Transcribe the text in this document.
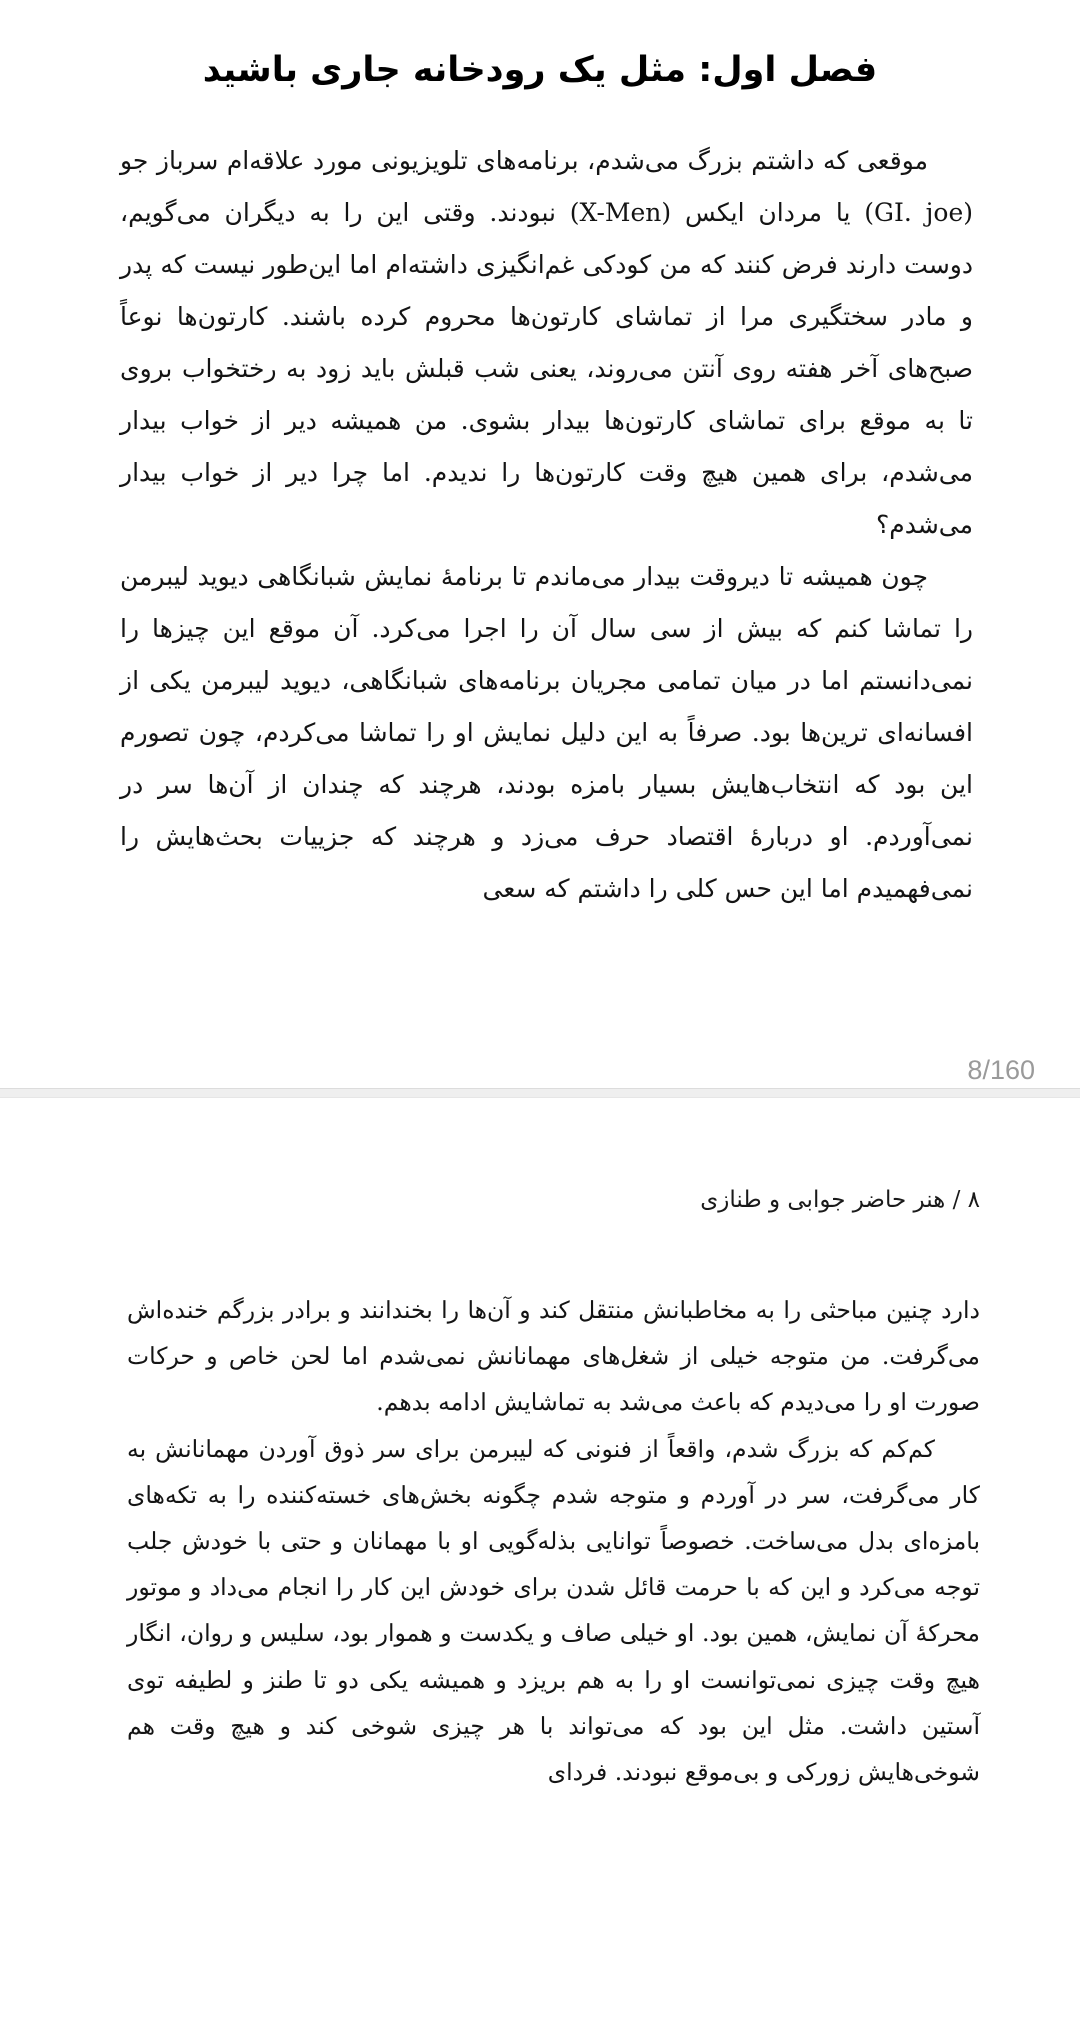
فصل اول: مثل یک رودخانه جاری باشید

موقعی که داشتم بزرگ می‌شدم، برنامه‌های تلویزیونی مورد علاقه‌ام سرباز جو (GI. joe) یا مردان ایکس (X-Men) نبودند. وقتی این را به دیگران می‌گویم، دوست دارند فرض کنند که من کودکی غم‌انگیزی داشته‌ام اما این‌طور نیست که پدر و مادر سختگیری مرا از تماشای کارتون‌ها محروم کرده باشند. کارتون‌ها نوعاً صبح‌های آخر هفته روی آنتن می‌روند، یعنی شب قبلش باید زود به رختخواب بروی تا به موقع برای تماشای کارتون‌ها بیدار بشوی. من همیشه دیر از خواب بیدار می‌شدم، برای همین هیچ وقت کارتون‌ها را ندیدم. اما چرا دیر از خواب بیدار می‌شدم؟

چون همیشه تا دیروقت بیدار می‌ماندم تا برنامهٔ نمایش شبانگاهی دیوید لیبرمن را تماشا کنم که بیش از سی سال آن را اجرا می‌کرد. آن موقع این چیزها را نمی‌دانستم اما در میان تمامی مجریان برنامه‌های شبانگاهی، دیوید لیبرمن یکی از افسانه‌ای ترین‌ها بود. صرفاً به این دلیل نمایش او را تماشا می‌کردم، چون تصورم این بود که انتخاب‌هایش بسیار بامزه بودند، هرچند که چندان از آن‌ها سر در نمی‌آوردم. او دربارهٔ اقتصاد حرف می‌زد و هرچند که جزییات بحث‌هایش را نمی‌فهمیدم اما این حس کلی را داشتم که سعی

8/160

۸ / هنر حاضر جوابی و طنازی

دارد چنین مباحثی را به مخاطبانش منتقل کند و آن‌ها را بخندانند و برادر بزرگم خنده‌اش می‌گرفت. من متوجه خیلی از شغل‌های مهمانانش نمی‌شدم اما لحن خاص و حرکات صورت او را می‌دیدم که باعث می‌شد به تماشایش ادامه بدهم.

کم‌کم که بزرگ شدم، واقعاً از فنونی که لیبرمن برای سر ذوق آوردن مهمانانش به کار می‌گرفت، سر در آوردم و متوجه شدم چگونه بخش‌های خسته‌کننده را به تکه‌های بامزه‌ای بدل می‌ساخت. خصوصاً توانایی بذله‌گویی او با مهمانان و حتی با خودش جلب توجه می‌کرد و این که با حرمت قائل شدن برای خودش این کار را انجام می‌داد و موتور محرکهٔ آن نمایش، همین بود. او خیلی صاف و یکدست و هموار بود، سلیس و روان، انگار هیچ وقت چیزی نمی‌توانست او را به هم بریزد و همیشه یکی دو تا طنز و لطیفه توی آستین داشت. مثل این بود که می‌تواند با هر چیزی شوخی کند و هیچ وقت هم شوخی‌هایش زورکی و بی‌موقع نبودند. فردای
